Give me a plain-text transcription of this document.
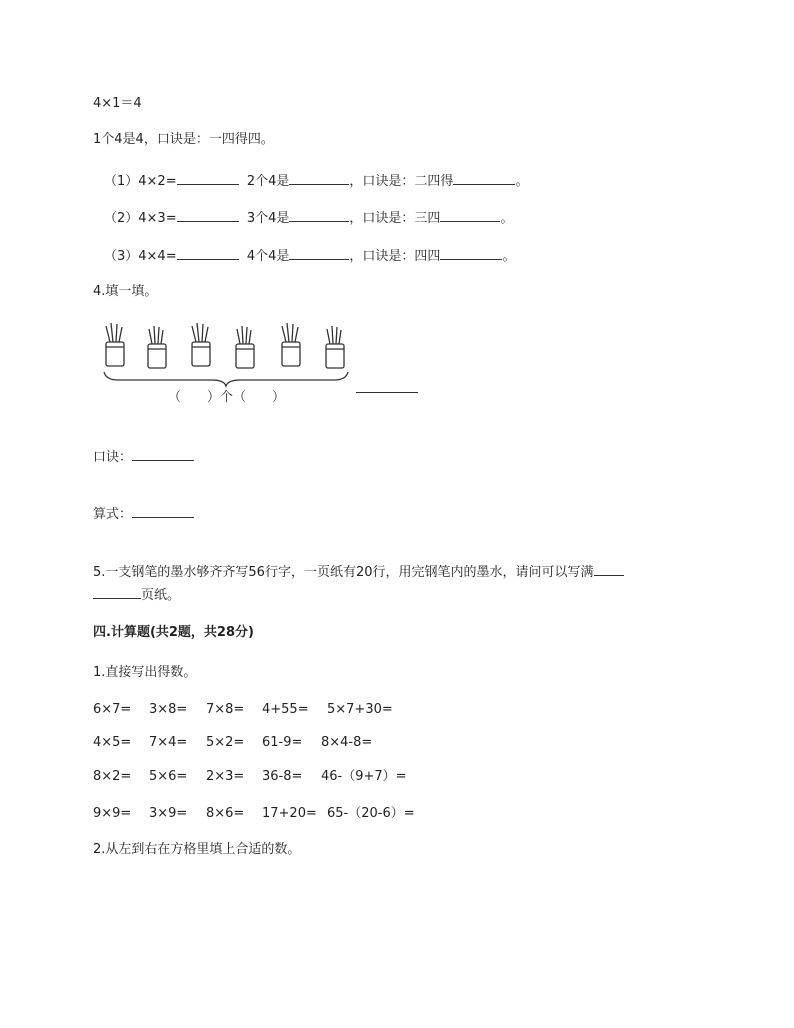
4×1＝4
1个4是4，口诀是：一四得四。
（1）4×2=	2个4是	，口诀是：二四得	。
（2）4×3=	3个4是	，口诀是：三四	。
（3）4×4=	4个4是	，口诀是：四四	。
4.填一填。
（　　）个（　　）
口诀：
算式：
5.一支钢笔的墨水够齐齐写56行字，一页纸有20行，用完钢笔内的墨水，请问可以写满
页纸。
四.计算题(共2题，共28分)
1.直接写出得数。
6×7= 3×8= 7×8= 4+55= 5×7+30=
4×5= 7×4= 5×2= 61-9= 8×4-8=
8×2= 5×6= 2×3= 36-8= 46-（9+7）=
9×9= 3×9= 8×6= 17+20= 65-（20-6）=
2.从左到右在方格里填上合适的数。
